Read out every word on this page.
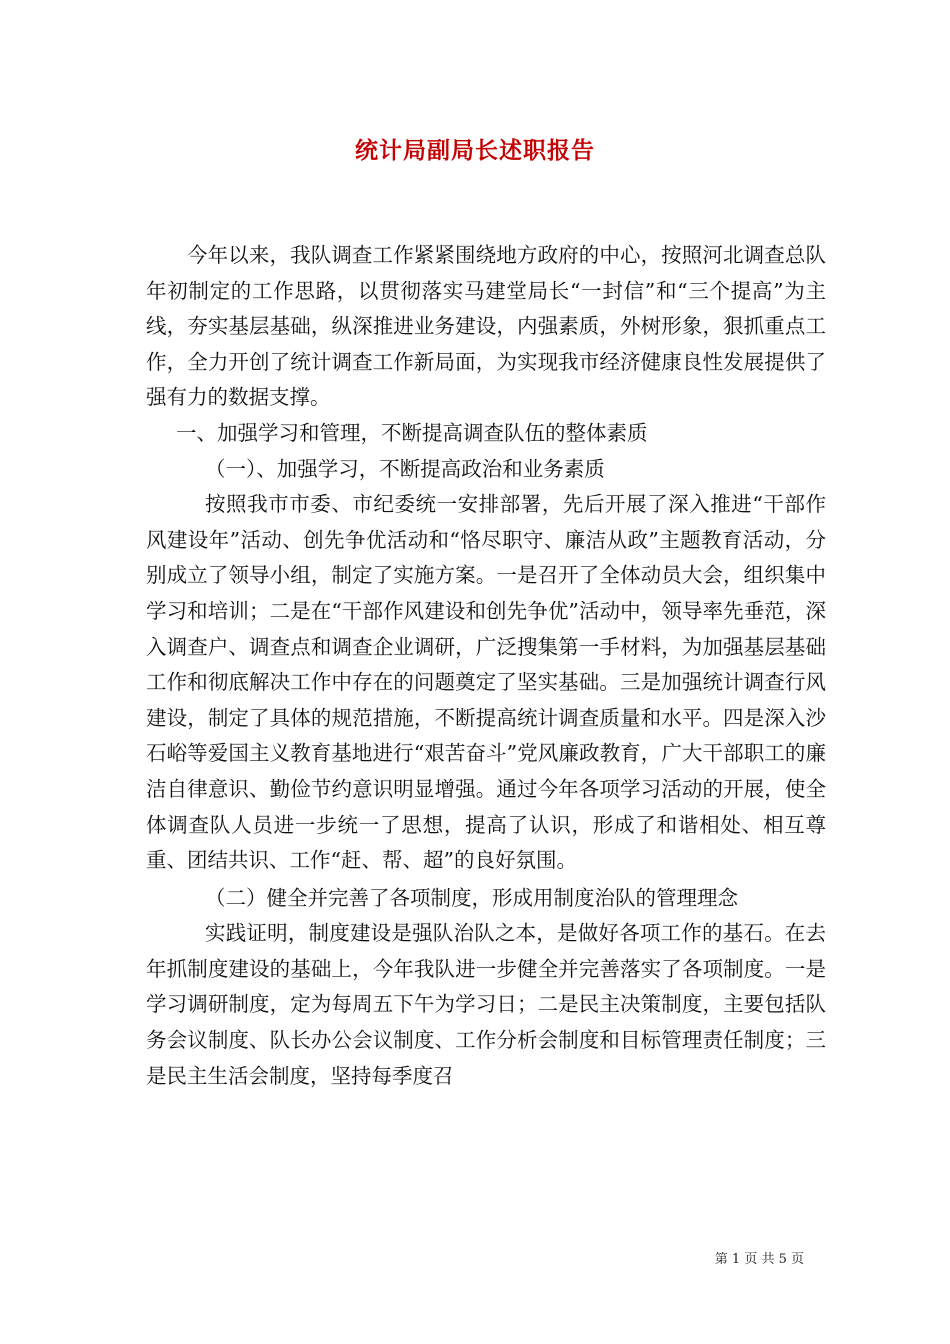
统计局副局长述职报告

今年以来，我队调查工作紧紧围绕地方政府的中心，按照河北调查总队年初制定的工作思路，以贯彻落实马建堂局长“一封信”和“三个提高”为主线，夯实基层基础，纵深推进业务建设，内强素质，外树形象，狠抓重点工作，全力开创了统计调查工作新局面，为实现我市经济健康良性发展提供了强有力的数据支撑。

一、加强学习和管理，不断提高调查队伍的整体素质

（一）、加强学习，不断提高政治和业务素质

按照我市市委、市纪委统一安排部署，先后开展了深入推进“干部作风建设年”活动、创先争优活动和“恪尽职守、廉洁从政”主题教育活动，分别成立了领导小组，制定了实施方案。一是召开了全体动员大会，组织集中学习和培训；二是在“干部作风建设和创先争优”活动中，领导率先垂范，深入调查户、调查点和调查企业调研，广泛搜集第一手材料，为加强基层基础工作和彻底解决工作中存在的问题奠定了坚实基础。三是加强统计调查行风建设，制定了具体的规范措施，不断提高统计调查质量和水平。四是深入沙石峪等爱国主义教育基地进行“艰苦奋斗”党风廉政教育，广大干部职工的廉洁自律意识、勤俭节约意识明显增强。通过今年各项学习活动的开展，使全体调查队人员进一步统一了思想，提高了认识，形成了和谐相处、相互尊重、团结共识、工作“赶、帮、超”的良好氛围。

（二）健全并完善了各项制度，形成用制度治队的管理理念

实践证明，制度建设是强队治队之本，是做好各项工作的基石。在去年抓制度建设的基础上，今年我队进一步健全并完善落实了各项制度。一是学习调研制度，定为每周五下午为学习日；二是民主决策制度，主要包括队务会议制度、队长办公会议制度、工作分析会制度和目标管理责任制度；三是民主生活会制度，坚持每季度召

第 1 页 共 5 页
